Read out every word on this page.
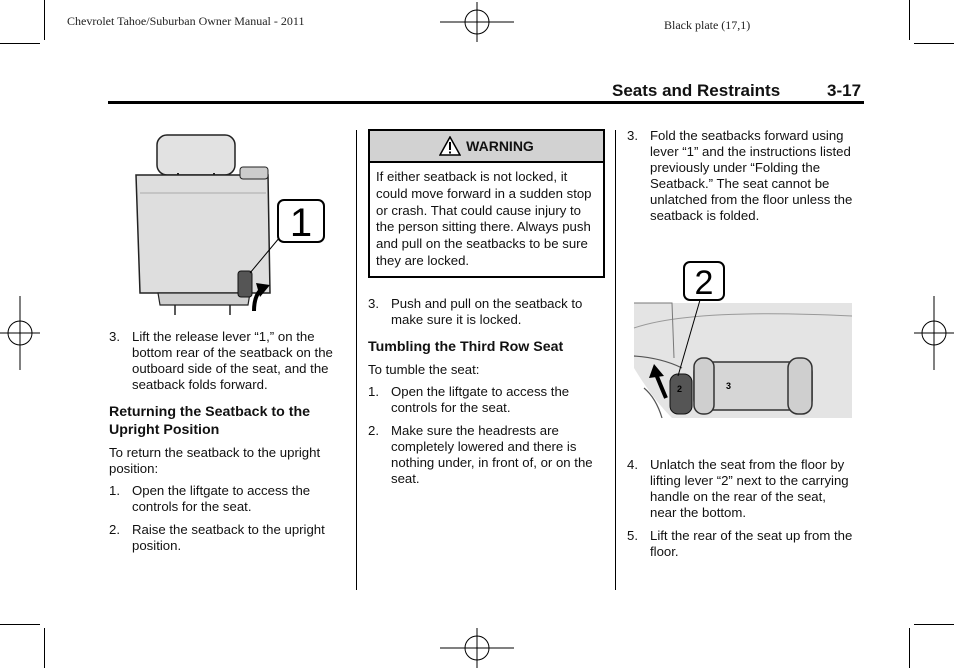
Chevrolet Tahoe/Suburban Owner Manual - 2011	Black plate (17,1)
Seats and Restraints	3-17
1
3. Lift the release lever “1,” on the bottom rear of the seatback on the outboard side of the seat, and the seatback folds forward.
Returning the Seatback to the Upright Position
To return the seatback to the upright position:
1. Open the liftgate to access the controls for the seat.
2. Raise the seatback to the upright position.
WARNING
If either seatback is not locked, it could move forward in a sudden stop or crash. That could cause injury to the person sitting there. Always push and pull on the seatbacks to be sure they are locked.
3. Push and pull on the seatback to make sure it is locked.
Tumbling the Third Row Seat
To tumble the seat:
1. Open the liftgate to access the controls for the seat.
2. Make sure the headrests are completely lowered and there is nothing under, in front of, or on the seat.
3. Fold the seatbacks forward using lever “1” and the instructions listed previously under “Folding the Seatback.” The seat cannot be unlatched from the floor unless the seatback is folded.
2	3
2
4. Unlatch the seat from the floor by lifting lever “2” next to the carrying handle on the rear of the seat, near the bottom.
5. Lift the rear of the seat up from the floor.
